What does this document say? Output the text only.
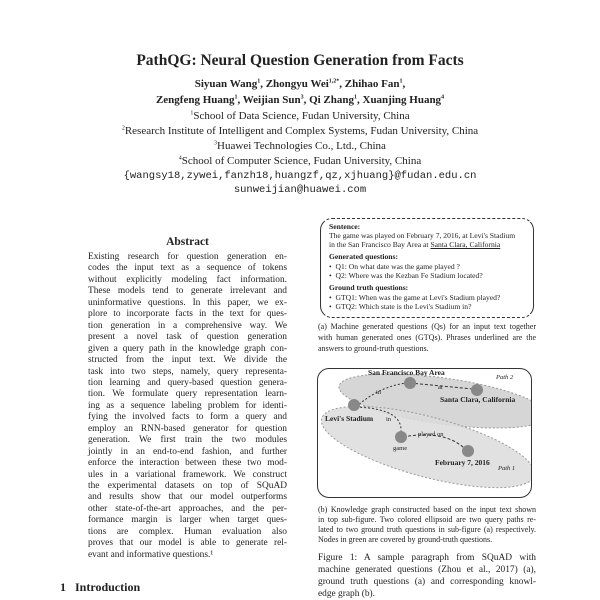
PathQG: Neural Question Generation from Facts
Siyuan Wang$^1$, Zhongyu Wei$^{1,2*}$, Zhihao Fan$^1$,
Zengfeng Huang$^1$, Weijian Sun$^3$, Qi Zhang$^1$, Xuanjing Huang$^4$
$^1$School of Data Science, Fudan University, China
$^2$Research Institute of Intelligent and Complex Systems, Fudan University, China
$^3$Huawei Technologies Co., Ltd., China
$^4$School of Computer Science, Fudan University, China
{wangsy18,zywei,fanzh18,huangzf,qz,xjhuang}@fudan.edu.cn
sunweijian@huawei.com
Abstract
Existing research for question generation en-
codes the input text as a sequence of tokens
without explicitly modeling fact information.
These models tend to generate irrelevant and
uninformative questions. In this paper, we ex-
plore to incorporate facts in the text for ques-
tion generation in a comprehensive way. We
present a novel task of question generation
given a query path in the knowledge graph con-
structed from the input text. We divide the
task into two steps, namely, query representa-
tion learning and query-based question genera-
tion. We formulate query representation learn-
ing as a sequence labeling problem for identi-
fying the involved facts to form a query and
employ an RNN-based generator for question
generation. We first train the two modules
jointly in an end-to-end fashion, and further
enforce the interaction between these two mod-
ules in a variational framework. We construct
the experimental datasets on top of SQuAD
and results show that our model outperforms
other state-of-the-art approaches, and the per-
formance margin is larger when target ques-
tions are complex. Human evaluation also
proves that our model is able to generate rel-
evant and informative questions.¹
1 Introduction
Sentence:
The game was played on February 7, 2016, at Levi's Stadium
in the San Francisco Bay Area at Santa Clara, California
Generated questions:
•  Q1: On what date was the game played ?
•  Q2: Where was the Kezban Fe Stadium located?
Ground truth questions:
•  GTQ1: When was the game at Levi's Stadium played?
•  GTQ2: Which state is the Levi's Stadium in?
(a) Machine generated questions (Qs) for an input text together
with human generated ones (GTQs). Phrases underlined are the
answers to ground-truth questions.
San Francisco Bay Area
Santa Clara, California
Levi's Stadium
game
February 7, 2016
in
at
in
played on
Path 2
Path 1
(b) Knowledge graph constructed based on the input text shown
in top sub-figure. Two colored ellipsoid are two query paths re-
lated to two ground truth questions in sub-figure (a) respectively.
Nodes in green are covered by ground-truth questions.
Figure 1: A sample paragraph from SQuAD with
machine generated questions (Zhou et al., 2017) (a),
ground truth questions (a) and corresponding knowl-
edge graph (b).
